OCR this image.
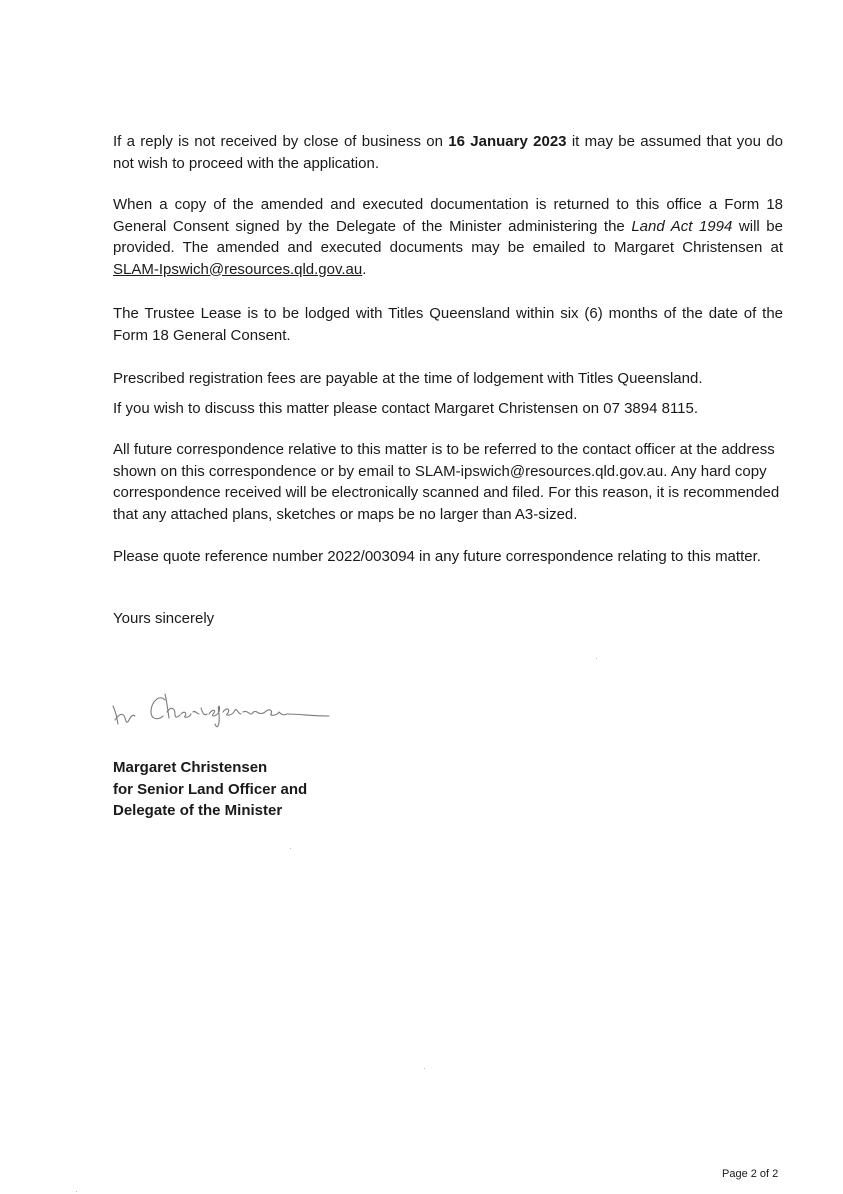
If a reply is not received by close of business on 16 January 2023 it may be assumed that you do not wish to proceed with the application.

When a copy of the amended and executed documentation is returned to this office a Form 18 General Consent signed by the Delegate of the Minister administering the Land Act 1994 will be provided. The amended and executed documents may be emailed to Margaret Christensen at SLAM-Ipswich@resources.qld.gov.au.

The Trustee Lease is to be lodged with Titles Queensland within six (6) months of the date of the Form 18 General Consent.

Prescribed registration fees are payable at the time of lodgement with Titles Queensland.

If you wish to discuss this matter please contact Margaret Christensen on 07 3894 8115.

All future correspondence relative to this matter is to be referred to the contact officer at the address shown on this correspondence or by email to SLAM-ipswich@resources.qld.gov.au. Any hard copy correspondence received will be electronically scanned and filed. For this reason, it is recommended that any attached plans, sketches or maps be no larger than A3-sized.

Please quote reference number 2022/003094 in any future correspondence relating to this matter.

Yours sincerely

Margaret Christensen
for Senior Land Officer and
Delegate of the Minister
Page 2 of 2
